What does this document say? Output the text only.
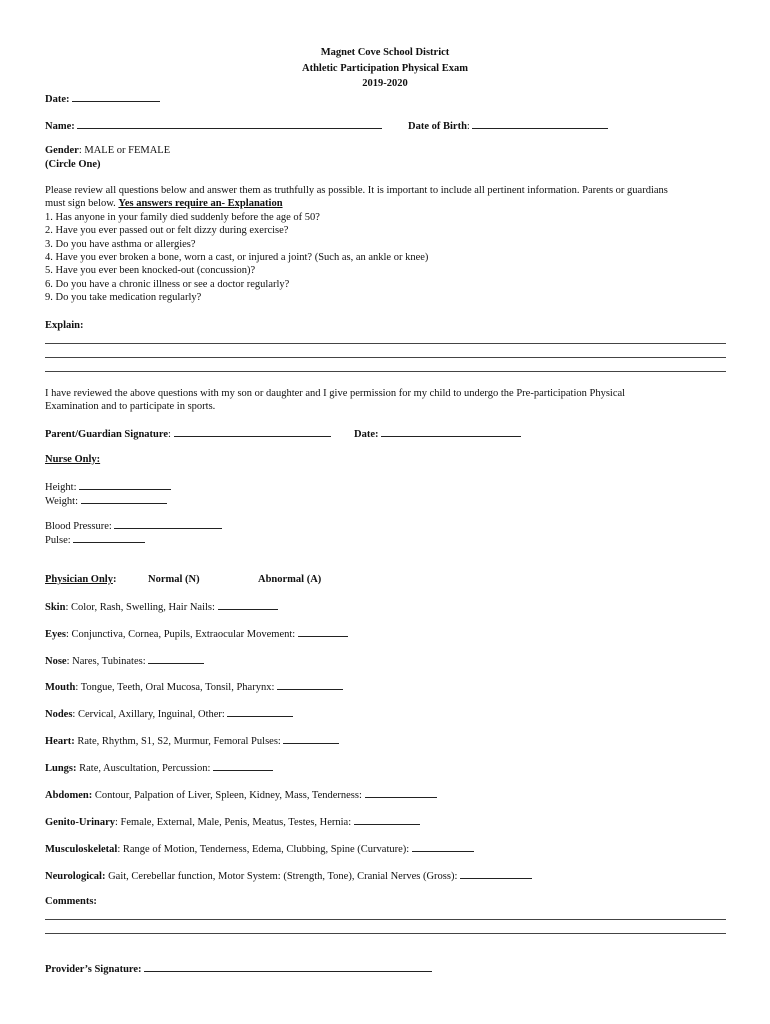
Magnet Cove School District
Athletic Participation Physical Exam
2019-2020
Date:
Name:	Date of Birth:
Gender: MALE or FEMALE
(Circle One)
Please review all questions below and answer them as truthfully as possible. It is important to include all pertinent information. Parents or guardians
must sign below. Yes answers require an- Explanation
1. Has anyone in your family died suddenly before the age of 50?
2. Have you ever passed out or felt dizzy during exercise?
3. Do you have asthma or allergies?
4. Have you ever broken a bone, worn a cast, or injured a joint? (Such as, an ankle or knee)
5. Have you ever been knocked-out (concussion)?
6. Do you have a chronic illness or see a doctor regularly?
9. Do you take medication regularly?
Explain:
I have reviewed the above questions with my son or daughter and I give permission for my child to undergo the Pre-participation Physical
Examination and to participate in sports.
Parent/Guardian Signature:	Date:
Nurse Only:
Height:
Weight:
Blood Pressure:
Pulse:
Physician Only:	Normal (N)	Abnormal (A)
Skin: Color, Rash, Swelling, Hair Nails:
Eyes: Conjunctiva, Cornea, Pupils, Extraocular Movement:
Nose: Nares, Tubinates:
Mouth: Tongue, Teeth, Oral Mucosa, Tonsil, Pharynx:
Nodes: Cervical, Axillary, Inguinal, Other:
Heart: Rate, Rhythm, S1, S2, Murmur, Femoral Pulses:
Lungs: Rate, Auscultation, Percussion:
Abdomen: Contour, Palpation of Liver, Spleen, Kidney, Mass, Tenderness:
Genito-Urinary: Female, External, Male, Penis, Meatus, Testes, Hernia:
Musculoskeletal: Range of Motion, Tenderness, Edema, Clubbing, Spine (Curvature):
Neurological: Gait, Cerebellar function, Motor System: (Strength, Tone), Cranial Nerves (Gross):
Comments:
Provider’s Signature:
